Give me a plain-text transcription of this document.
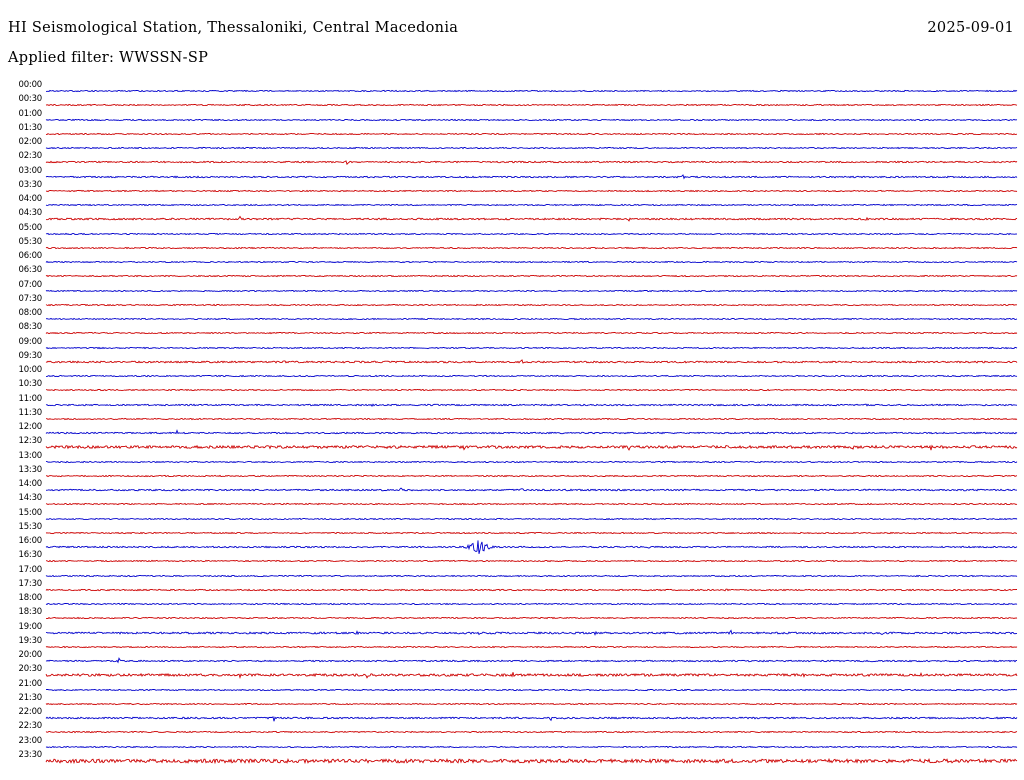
HI Seismological Station, Thessaloniki, Central Macedonia	2025-09-01
Applied filter: WWSSN-SP
00:00
00:30
01:00
01:30
02:00
02:30
03:00
03:30
04:00
04:30
05:00
05:30
06:00
06:30
07:00
07:30
08:00
08:30
09:00
09:30
10:00
10:30
11:00
11:30
12:00
12:30
13:00
13:30
14:00
14:30
15:00
15:30
16:00
16:30
17:00
17:30
18:00
18:30
19:00
19:30
20:00
20:30
21:00
21:30
22:00
22:30
23:00
23:30
